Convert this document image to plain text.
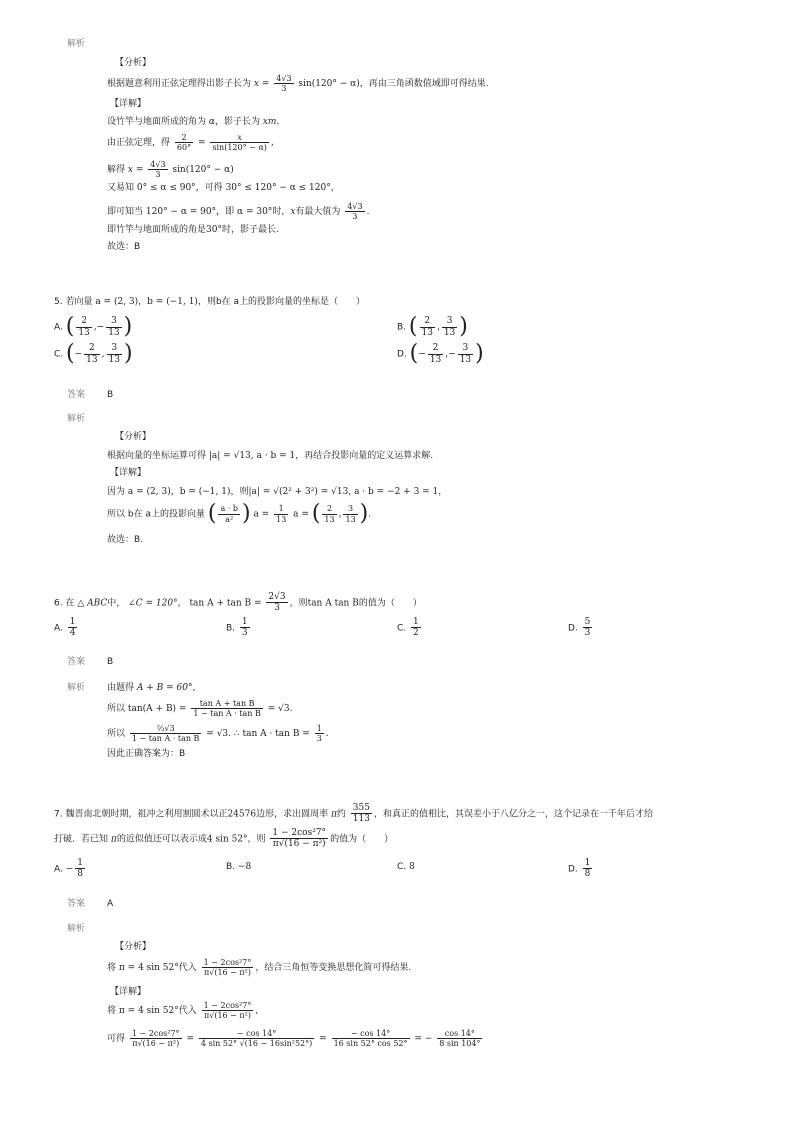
解析
【分析】
根据题意利用正弦定理得出影子长为 $x = \frac{4√3}{3} \sin(120^\circ - \alpha)$，再由三角函数值域即可得结果.
【详解】
设竹竿与地面所成的角为 α，影子长为 xm.
由正弦定理，得 $\frac{2}{60^\circ} = \frac{x}{\sin(120^\circ - \alpha)}$ ,
解得 $x = \frac{4√3}{3} \sin(120^\circ - \alpha)$
又易知 0° ≤ α ≤ 90°，可得 30° ≤ 120° − α ≤ 120°，
即可知当 120° − α = 90°，即 α = 30°时，x有最大值为 $\frac{4√3}{3}$ .
即竹竿与地面所成的角是30°时，影子最长.
故选：B
5. 若向量 a = (2, 3)，b = (−1, 1)，则b在 a上的投影向量的坐标是（　　）
A. ( $\frac{2}{13}$ ,− $\frac{3}{13}$ )	B. ( $\frac{2}{13}$ , $\frac{3}{13}$ )
C. (− $\frac{2}{13}$ , $\frac{3}{13}$ )	D. (− $\frac{2}{13}$ ,− $\frac{3}{13}$ )
答案 B
解析
【分析】
根据向量的坐标运算可得 |a| = √13, a · b = 1，再结合投影向量的定义运算求解.
【详解】
因为 a = (2, 3)，b = (−1, 1)，则|a| = √(2² + 3²) = √13, a · b = −2 + 3 = 1，
所以 b在 a上的投影向量 ( $\frac{a \cdot b}{\text{a²}}$ ) $a = \frac{1}{13}$ a = ( $\frac{2}{13}$ , $\frac{3}{13}$ ).
故选：B.
6. 在 △ ABC中， ∠C = 120°， $\tan A + \tan B = \frac{2√3}{3}$ ，则tan A tan B的值为（　　）
A. $\frac{1}{4}$	B. $\frac{1}{3}$	C. $\frac{1}{2}$	D. $\frac{5}{3}$
答案 B
解析 由题得 A + B = 60°,
所以 $\tan(A + B) = \frac{\text{tan A + tan B}}{\text{1 − tan A · tan B}} = √3$.
所以 $\frac{\text{⅔√3}}{\text{1 − tan A · tan B}} = √3$. ∴ $\tan A \cdot \tan B = \frac{1}{3}$ .
因此正确答案为：B
7. 魏晋南北朝时期，祖冲之利用割圆术以正24576边形，求出圆周率 π约 $\frac{355}{113}$ ，和真正的值相比，其误差小于八亿分之一，这个记录在一千年后才给
打破．若已知 π的近似值还可以表示成4 sin 52°，则 $\frac{\text{1 − 2cos²7°}}{\text{π√(16 − π²)}}$ 的值为（　　）
A. − $\frac{1}{8}$	B. −8	C. 8	D. $\frac{1}{8}$
答案 A
解析
【分析】
将 π = 4 sin 52°代入 $\frac{\text{1 − 2cos²7°}}{\text{π√(16 − π²)}}$ ，结合三角恒等变换思想化简可得结果.
【详解】
将 π = 4 sin 52°代入 $\frac{\text{1 − 2cos²7°}}{\text{π√(16 − π²)}}$ ,
可得 $\frac{\text{1 − 2cos²7°}}{\text{π√(16 − π²)}} = \frac{- \cos 14^\circ}{\text{4 sin 52° √(16 − 16sin²52°)}} = \frac{- \cos 14^\circ}{16 \sin 52^\circ \cos 52^\circ}$ = − $\frac{\cos 14^\circ}{8 \sin 104^\circ}$
